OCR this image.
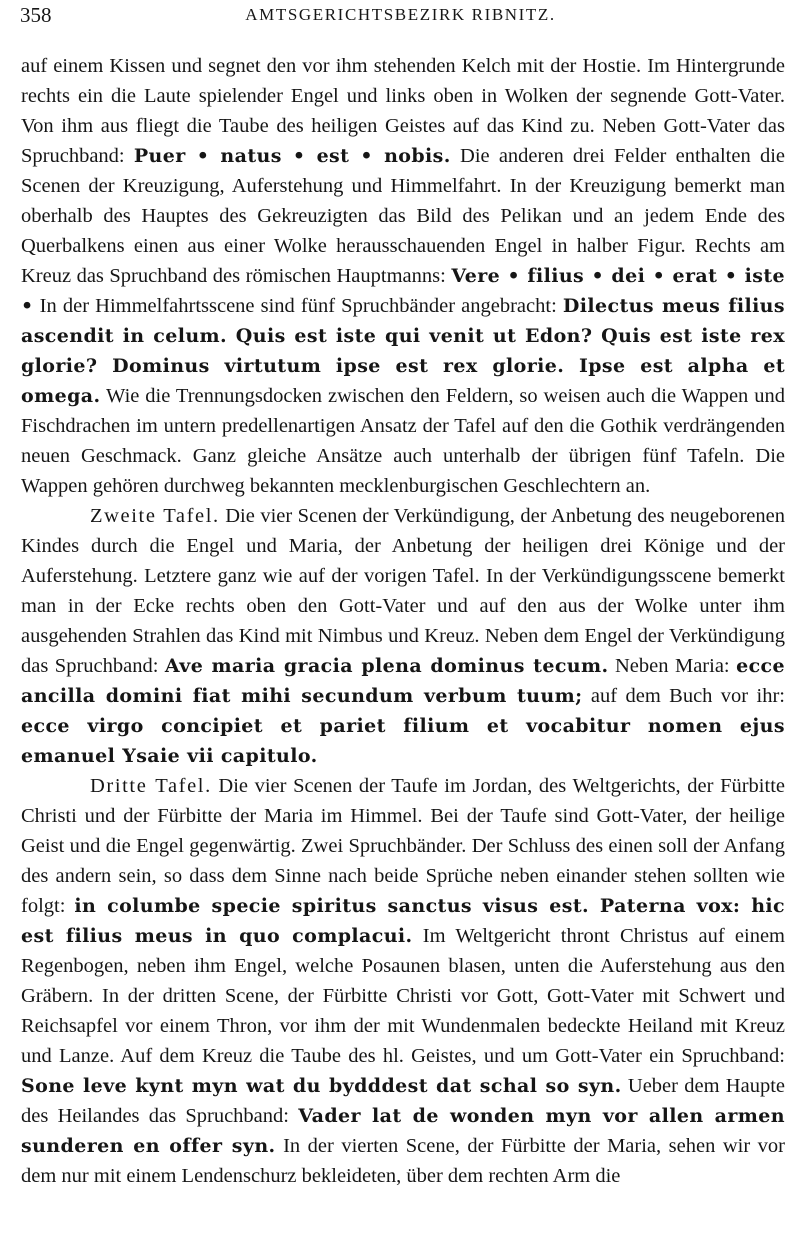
358	AMTSGERICHTSBEZIRK RIBNITZ.

auf einem Kissen und segnet den vor ihm stehenden Kelch mit der Hostie. Im Hintergrunde rechts ein die Laute spielender Engel und links oben in Wolken der segnende Gott-Vater. Von ihm aus fliegt die Taube des heiligen Geistes auf das Kind zu. Neben Gott-Vater das Spruchband: Puer • natus • est • nobis. Die anderen drei Felder enthalten die Scenen der Kreuzigung, Auferstehung und Himmelfahrt. In der Kreuzigung bemerkt man oberhalb des Hauptes des Gekreuzigten das Bild des Pelikan und an jedem Ende des Querbalkens einen aus einer Wolke herausschauenden Engel in halber Figur. Rechts am Kreuz das Spruchband des römischen Hauptmanns: Vere • filius • dei • erat • iste • In der Himmelfahrtsscene sind fünf Spruchbänder angebracht: Dilectus meus filius ascendit in celum. Quis est iste qui venit ut Edon? Quis est iste rex glorie? Dominus virtutum ipse est rex glorie. Ipse est alpha et omega. Wie die Trennungsdocken zwischen den Feldern, so weisen auch die Wappen und Fischdrachen im untern predellenartigen Ansatz der Tafel auf den die Gothik verdrängenden neuen Geschmack. Ganz gleiche Ansätze auch unterhalb der übrigen fünf Tafeln. Die Wappen gehören durchweg bekannten mecklenburgischen Geschlechtern an.

Zweite Tafel. Die vier Scenen der Verkündigung, der Anbetung des neugeborenen Kindes durch die Engel und Maria, der Anbetung der heiligen drei Könige und der Auferstehung. Letztere ganz wie auf der vorigen Tafel. In der Verkündigungsscene bemerkt man in der Ecke rechts oben den Gott-Vater und auf den aus der Wolke unter ihm ausgehenden Strahlen das Kind mit Nimbus und Kreuz. Neben dem Engel der Verkündigung das Spruchband: Ave maria gracia plena dominus tecum. Neben Maria: ecce ancilla domini fiat mihi secundum verbum tuum; auf dem Buch vor ihr: ecce virgo concipiet et pariet filium et vocabitur nomen ejus emanuel Ysaie vii capitulo.

Dritte Tafel. Die vier Scenen der Taufe im Jordan, des Weltgerichts, der Fürbitte Christi und der Fürbitte der Maria im Himmel. Bei der Taufe sind Gott-Vater, der heilige Geist und die Engel gegenwärtig. Zwei Spruchbänder. Der Schluss des einen soll der Anfang des andern sein, so dass dem Sinne nach beide Sprüche neben einander stehen sollten wie folgt: in columbe specie spiritus sanctus visus est. Paterna vox: hic est filius meus in quo complacui. Im Weltgericht thront Christus auf einem Regenbogen, neben ihm Engel, welche Posaunen blasen, unten die Auferstehung aus den Gräbern. In der dritten Scene, der Fürbitte Christi vor Gott, Gott-Vater mit Schwert und Reichsapfel vor einem Thron, vor ihm der mit Wundenmalen bedeckte Heiland mit Kreuz und Lanze. Auf dem Kreuz die Taube des hl. Geistes, und um Gott-Vater ein Spruchband: Sone leve kynt myn wat du bydddest dat schal so syn. Ueber dem Haupte des Heilandes das Spruchband: Vader lat de wonden myn vor allen armen sunderen en offer syn. In der vierten Scene, der Fürbitte der Maria, sehen wir vor dem nur mit einem Lendenschurz bekleideten, über dem rechten Arm die
